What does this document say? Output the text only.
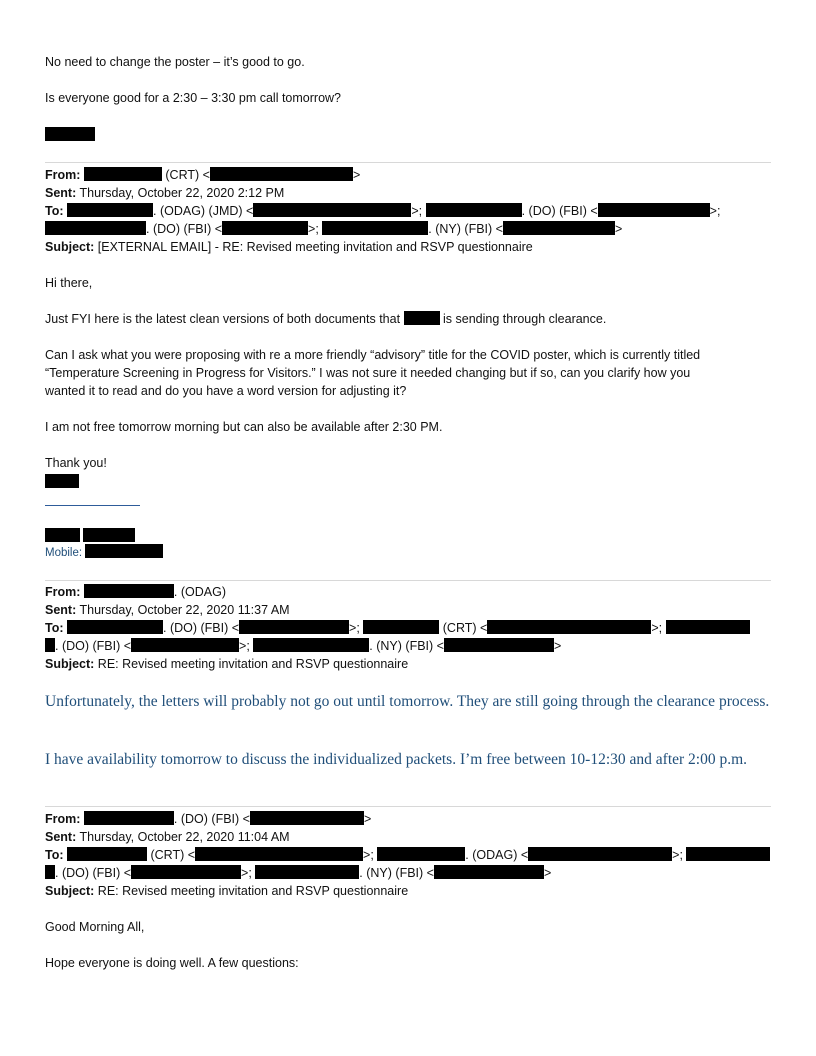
No need to change the poster – it’s good to go.
Is everyone good for a 2:30 – 3:30 pm call tomorrow?
From:	(CRT) <	>
Sent: Thursday, October 22, 2020 2:12 PM
To:	. (ODAG) (JMD) <	>;	. (DO) (FBI) <	>;
. (DO) (FBI) <	>;	. (NY) (FBI) <	>
Subject: [EXTERNAL EMAIL] - RE: Revised meeting invitation and RSVP questionnaire
Hi there,
Just FYI here is the latest clean versions of both documents that	is sending through clearance.
Can I ask what you were proposing with re a more friendly “advisory” title for the COVID poster, which is currently titled
“Temperature Screening in Progress for Visitors.” I was not sure it needed changing but if so, can you clarify how you
wanted it to read and do you have a word version for adjusting it?
I am not free tomorrow morning but can also be available after 2:30 PM.
Thank you!

Mobile:
From:	. (ODAG)
Sent: Thursday, October 22, 2020 11:37 AM
To:	. (DO) (FBI) <	>;	(CRT) <	>;
. (DO) (FBI) <	>;	. (NY) (FBI) <	>
Subject: RE: Revised meeting invitation and RSVP questionnaire
Unfortunately, the letters will probably not go out until tomorrow. They are still going through the clearance process.
I have availability tomorrow to discuss the individualized packets. I’m free between 10-12:30 and after 2:00 p.m.
From:	. (DO) (FBI) <	>
Sent: Thursday, October 22, 2020 11:04 AM
To:	(CRT) <	>;	. (ODAG) <	>;
. (DO) (FBI) <	>;	. (NY) (FBI) <	>
Subject: RE: Revised meeting invitation and RSVP questionnaire
Good Morning All,
Hope everyone is doing well. A few questions:
